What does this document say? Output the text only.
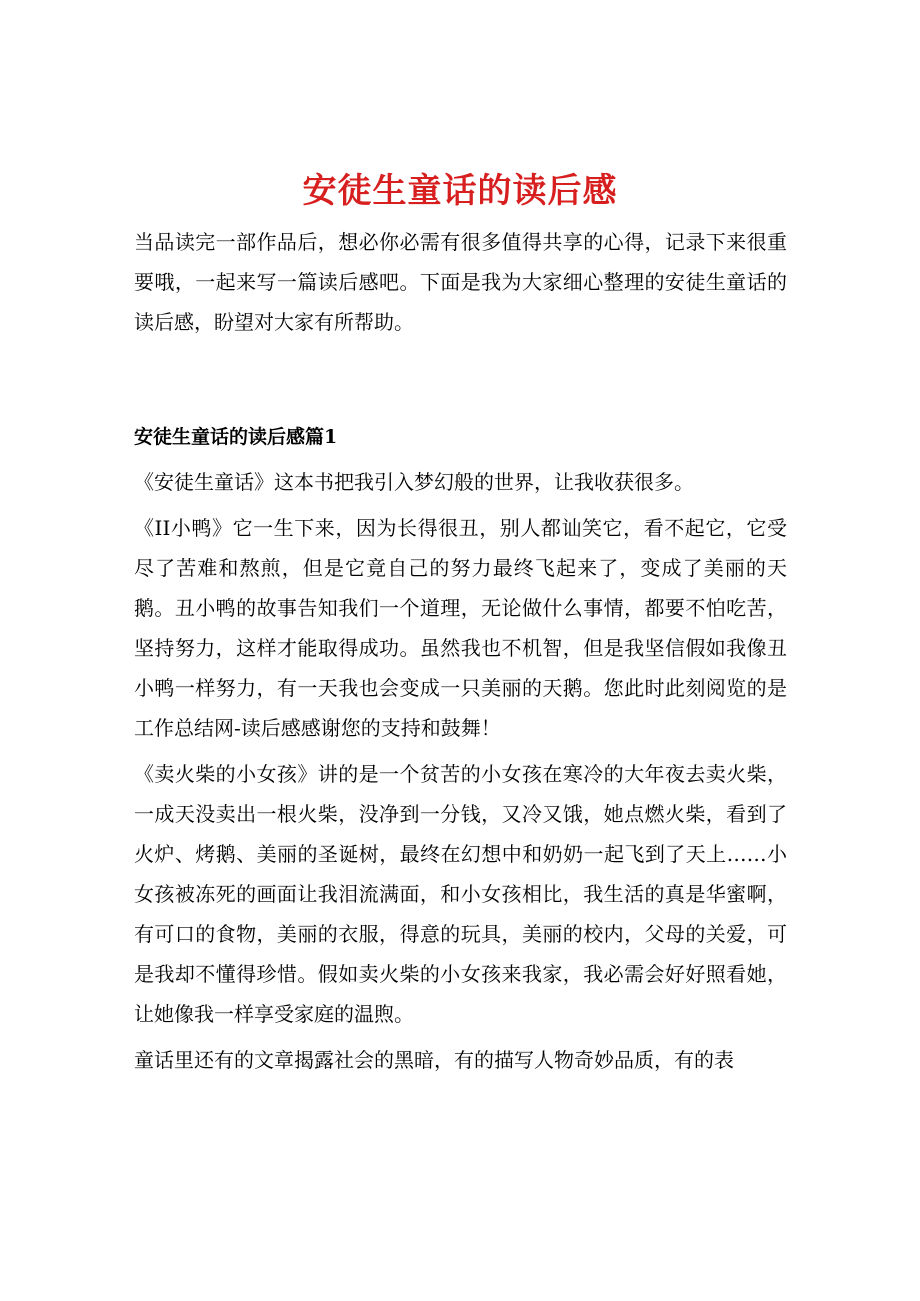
安徒生童话的读后感

当品读完一部作品后，想必你必需有很多值得共享的心得，记录下来很重要哦，一起来写一篇读后感吧。下面是我为大家细心整理的安徒生童话的读后感，盼望对大家有所帮助。

安徒生童话的读后感篇1

《安徒生童话》这本书把我引入梦幻般的世界，让我收获很多。

《II小鸭》它一生下来，因为长得很丑，别人都讪笑它，看不起它，它受尽了苦难和熬煎，但是它竟自己的努力最终飞起来了，变成了美丽的天鹅。丑小鸭的故事告知我们一个道理，无论做什么事情，都要不怕吃苦，坚持努力，这样才能取得成功。虽然我也不机智，但是我坚信假如我像丑小鸭一样努力，有一天我也会变成一只美丽的天鹅。您此时此刻阅览的是工作总结网-读后感感谢您的支持和鼓舞！

《卖火柴的小女孩》讲的是一个贫苦的小女孩在寒冷的大年夜去卖火柴，一成天没卖出一根火柴，没净到一分钱，又冷又饿，她点燃火柴，看到了火炉、烤鹅、美丽的圣诞树，最终在幻想中和奶奶一起飞到了天上……小女孩被冻死的画面让我泪流满面，和小女孩相比，我生活的真是华蜜啊，有可口的食物，美丽的衣服，得意的玩具，美丽的校内，父母的关爱，可是我却不懂得珍惜。假如卖火柴的小女孩来我家，我必需会好好照看她，让她像我一样享受家庭的温煦。

童话里还有的文章揭露社会的黑暗，有的描写人物奇妙品质，有的表
